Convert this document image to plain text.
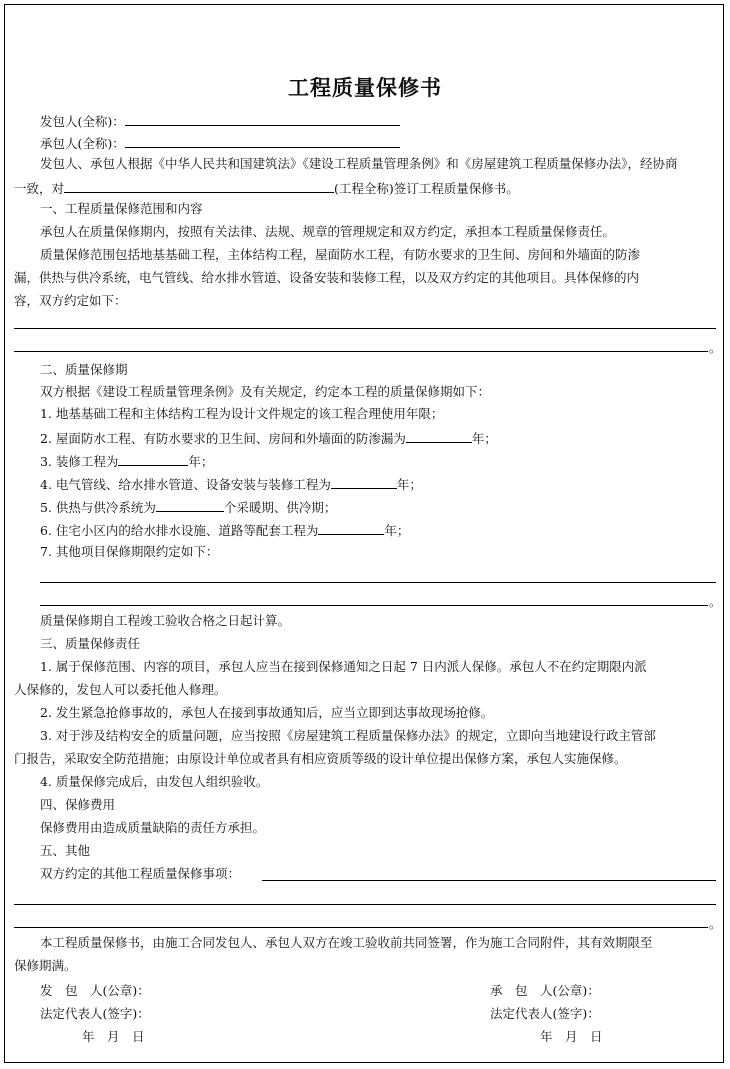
工程质量保修书
发包人(全称)：
承包人(全称)：
发包人、承包人根据《中华人民共和国建筑法》《建设工程质量管理条例》和《房屋建筑工程质量保修办法》，经协商
一致，对	(工程全称)签订工程质量保修书。
一、工程质量保修范围和内容
承包人在质量保修期内，按照有关法律、法规、规章的管理规定和双方约定，承担本工程质量保修责任。
质量保修范围包括地基基础工程，主体结构工程，屋面防水工程，有防水要求的卫生间、房间和外墙面的防渗
漏，供热与供冷系统，电气管线、给水排水管道、设备安装和装修工程，以及双方约定的其他项目。具体保修的内
容，双方约定如下：
。
二、质量保修期
双方根据《建设工程质量管理条例》及有关规定，约定本工程的质量保修期如下：
1. 地基基础工程和主体结构工程为设计文件规定的该工程合理使用年限；
2. 屋面防水工程、有防水要求的卫生间、房间和外墙面的防渗漏为	年；
3. 装修工程为	年；
4. 电气管线、给水排水管道、设备安装与装修工程为	年；
5. 供热与供冷系统为	个采暖期、供冷期；
6. 住宅小区内的给水排水设施、道路等配套工程为	年；
7. 其他项目保修期限约定如下：
。
质量保修期自工程竣工验收合格之日起计算。
三、质量保修责任
1. 属于保修范围、内容的项目，承包人应当在接到保修通知之日起 7 日内派人保修。承包人不在约定期限内派
人保修的，发包人可以委托他人修理。
2. 发生紧急抢修事故的，承包人在接到事故通知后，应当立即到达事故现场抢修。
3. 对于涉及结构安全的质量问题，应当按照《房屋建筑工程质量保修办法》的规定，立即向当地建设行政主管部
门报告，采取安全防范措施；由原设计单位或者具有相应资质等级的设计单位提出保修方案，承包人实施保修。
4. 质量保修完成后，由发包人组织验收。
四、保修费用
保修费用由造成质量缺陷的责任方承担。
五、其他
双方约定的其他工程质量保修事项：
。
本工程质量保修书，由施工合同发包人、承包人双方在竣工验收前共同签署，作为施工合同附件，其有效期限至
保修期满。
发　包　人(公章)：	承　包　人(公章)：
法定代表人(签字)：	法定代表人(签字)：
年　月　日	年　月　日
